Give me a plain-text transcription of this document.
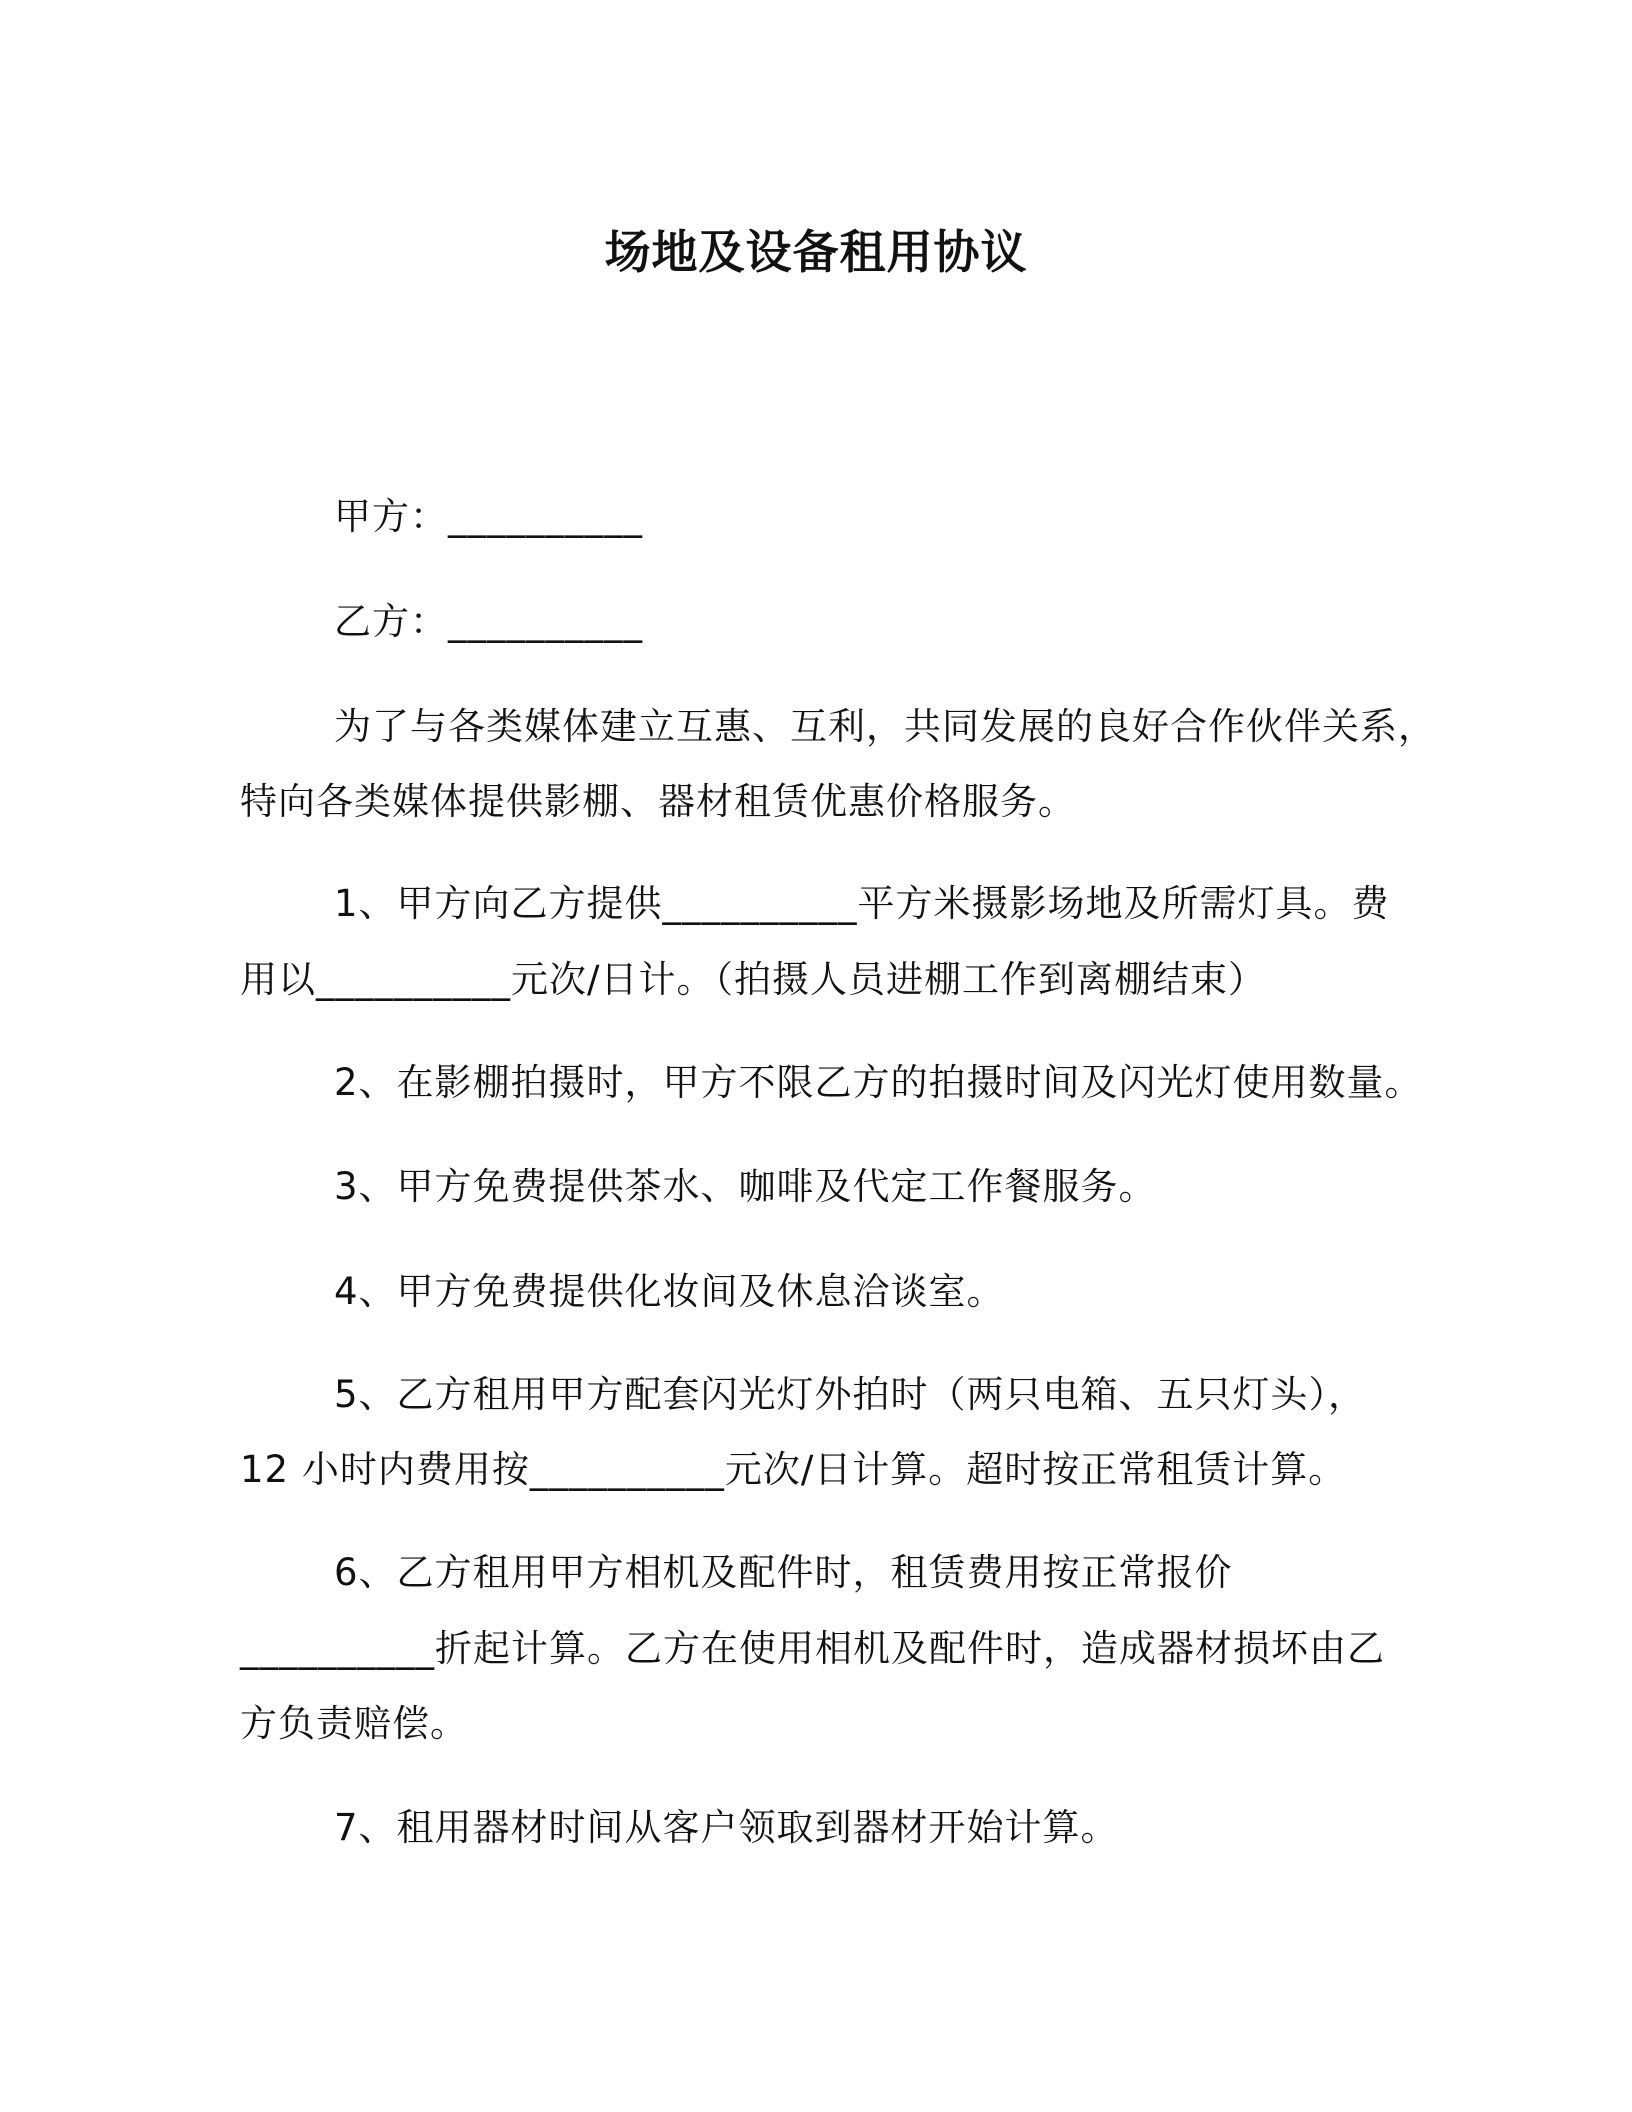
场地及设备租用协议
甲方：__________
乙方：__________
为了与各类媒体建立互惠、互利，共同发展的良好合作伙伴关系，
特向各类媒体提供影棚、器材租赁优惠价格服务。
1、甲方向乙方提供__________平方米摄影场地及所需灯具。费
用以__________元次/日计。（拍摄人员进棚工作到离棚结束）
2、在影棚拍摄时，甲方不限乙方的拍摄时间及闪光灯使用数量。
3、甲方免费提供茶水、咖啡及代定工作餐服务。
4、甲方免费提供化妆间及休息洽谈室。
5、乙方租用甲方配套闪光灯外拍时（两只电箱、五只灯头），
12 小时内费用按__________元次/日计算。超时按正常租赁计算。
6、乙方租用甲方相机及配件时，租赁费用按正常报价
__________折起计算。乙方在使用相机及配件时，造成器材损坏由乙
方负责赔偿。
7、租用器材时间从客户领取到器材开始计算。
